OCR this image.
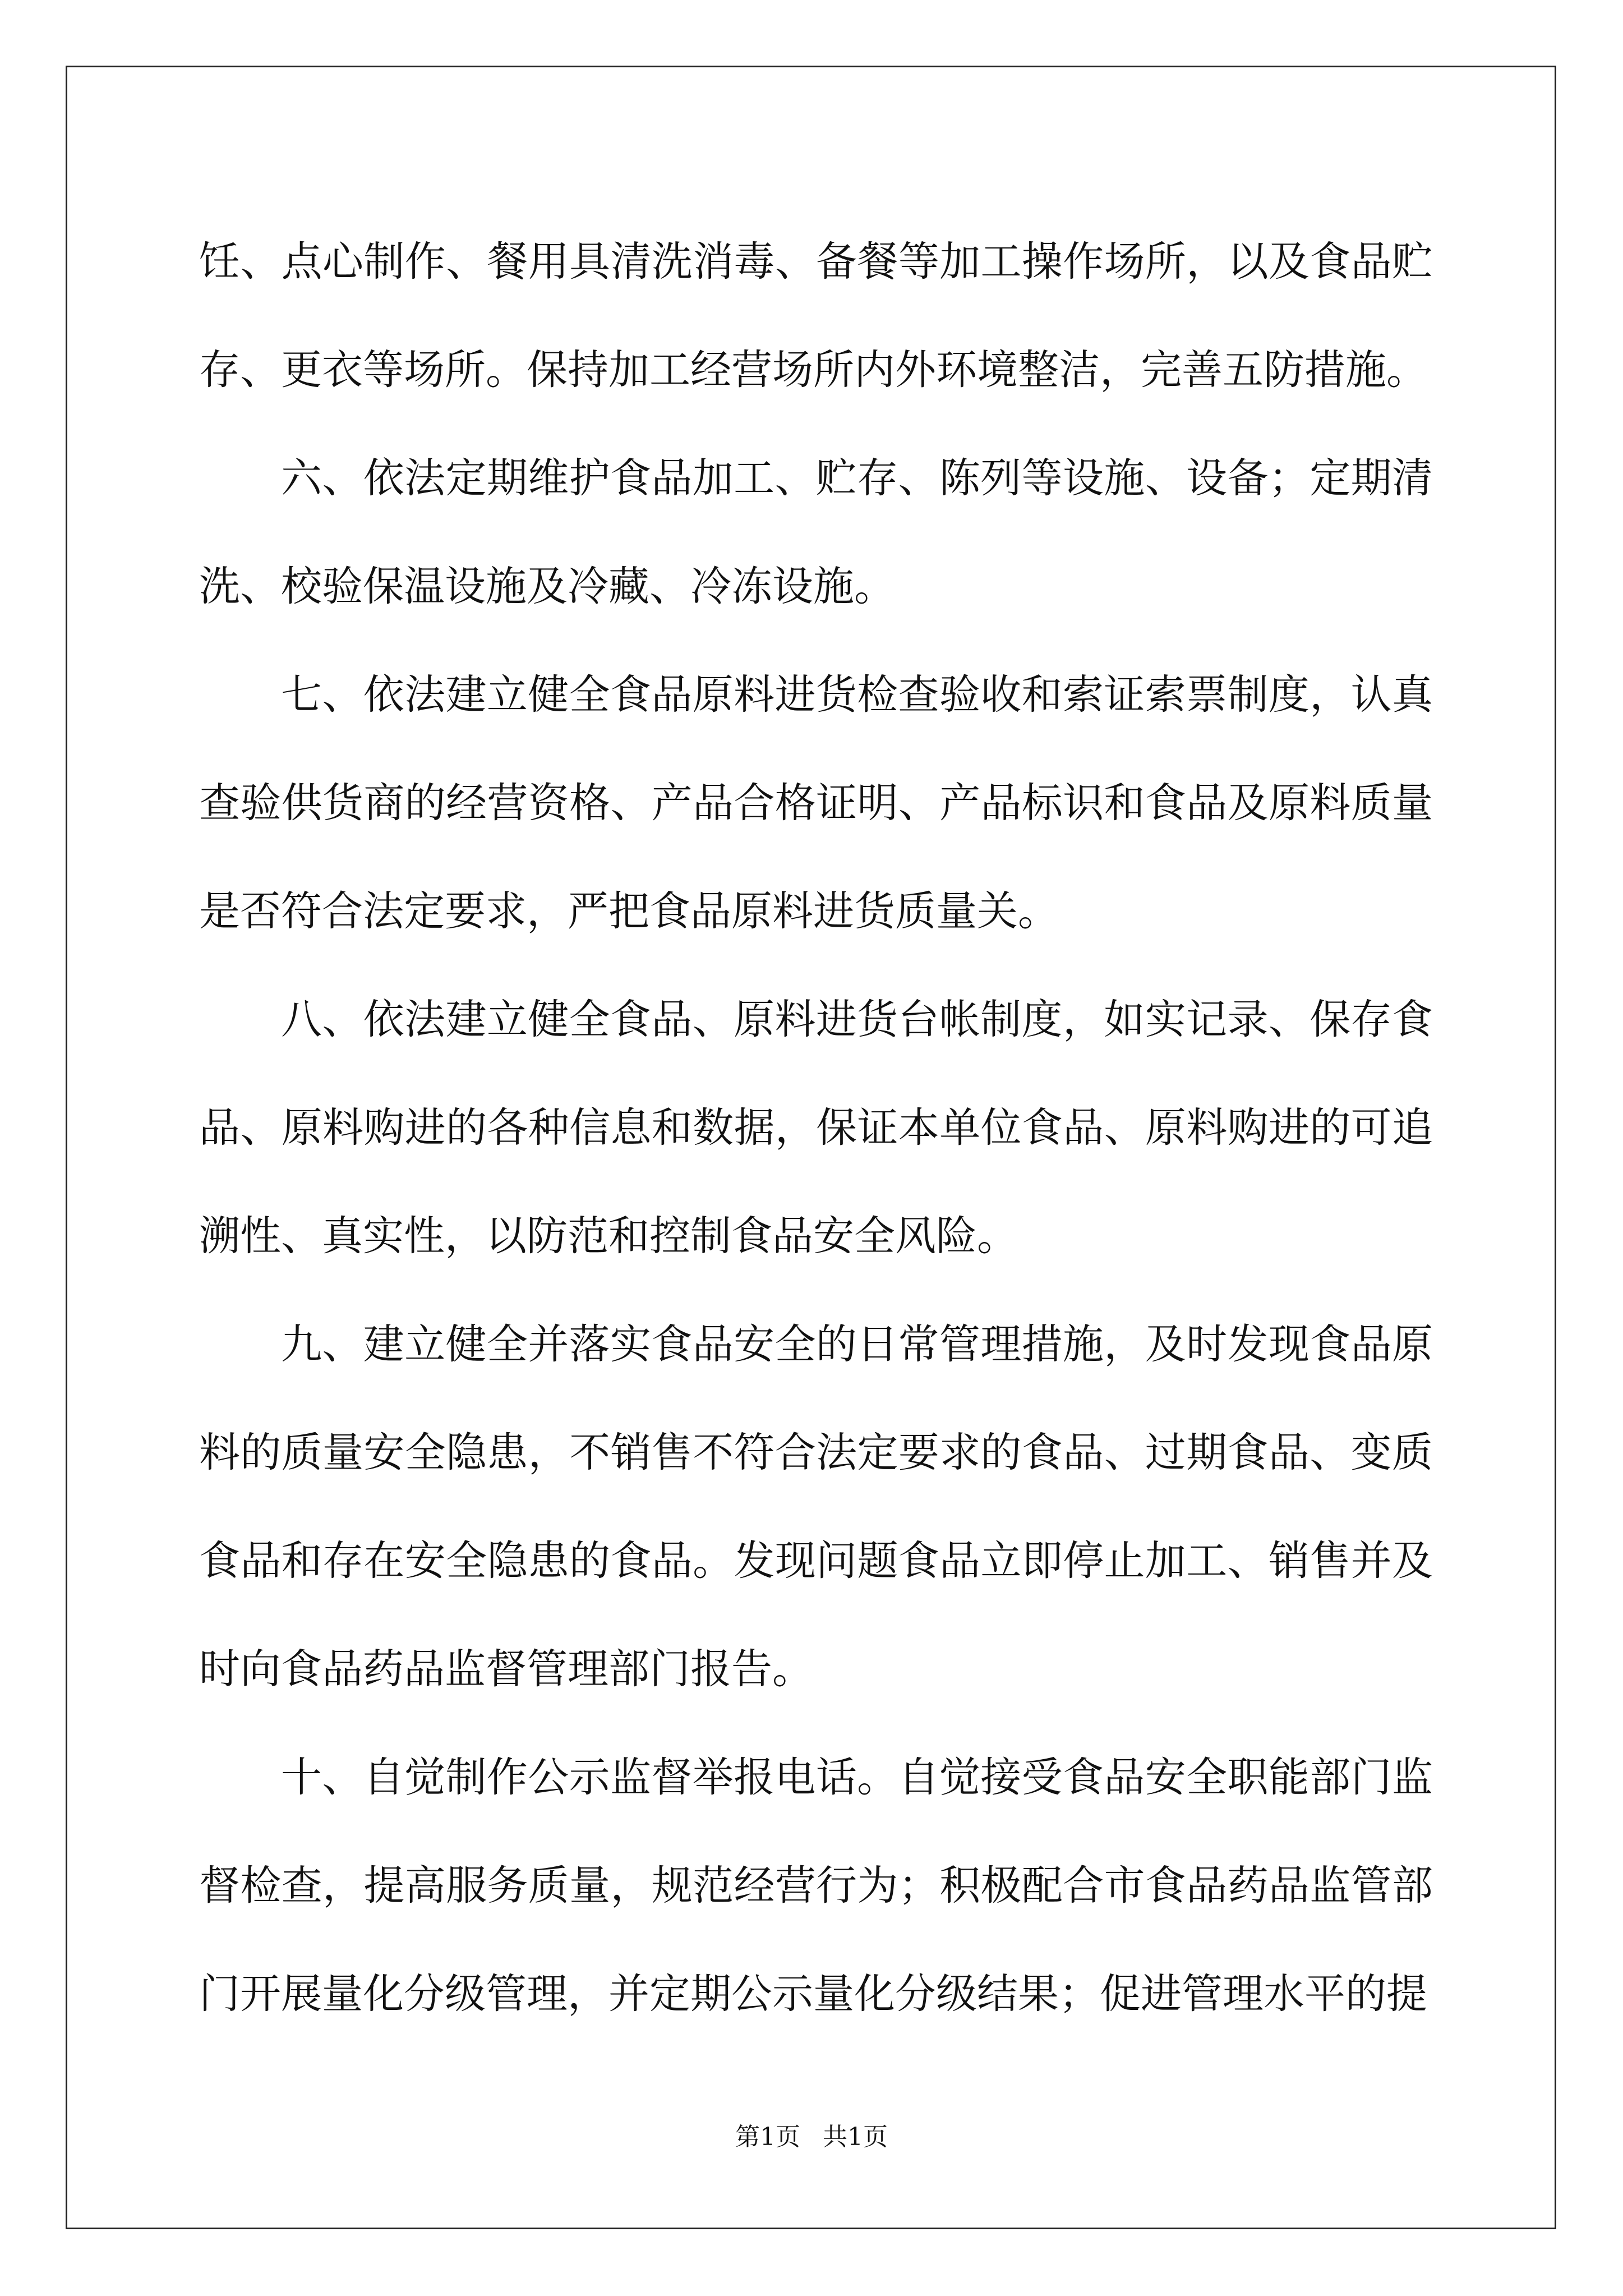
饪、点心制作、餐用具清洗消毒、备餐等加工操作场所，以及食品贮存、更衣等场所。保持加工经营场所内外环境整洁，完善五防措施。

六、依法定期维护食品加工、贮存、陈列等设施、设备；定期清洗、校验保温设施及冷藏、冷冻设施。

七、依法建立健全食品原料进货检查验收和索证索票制度，认真查验供货商的经营资格、产品合格证明、产品标识和食品及原料质量是否符合法定要求，严把食品原料进货质量关。

八、依法建立健全食品、原料进货台帐制度，如实记录、保存食品、原料购进的各种信息和数据，保证本单位食品、原料购进的可追溯性、真实性，以防范和控制食品安全风险。

九、建立健全并落实食品安全的日常管理措施，及时发现食品原料的质量安全隐患，不销售不符合法定要求的食品、过期食品、变质食品和存在安全隐患的食品。发现问题食品立即停止加工、销售并及时向食品药品监督管理部门报告。

十、自觉制作公示监督举报电话。自觉接受食品安全职能部门监督检查，提高服务质量，规范经营行为；积极配合市食品药品监管部门开展量化分级管理，并定期公示量化分级结果；促进管理水平的提

第1页 共1页
